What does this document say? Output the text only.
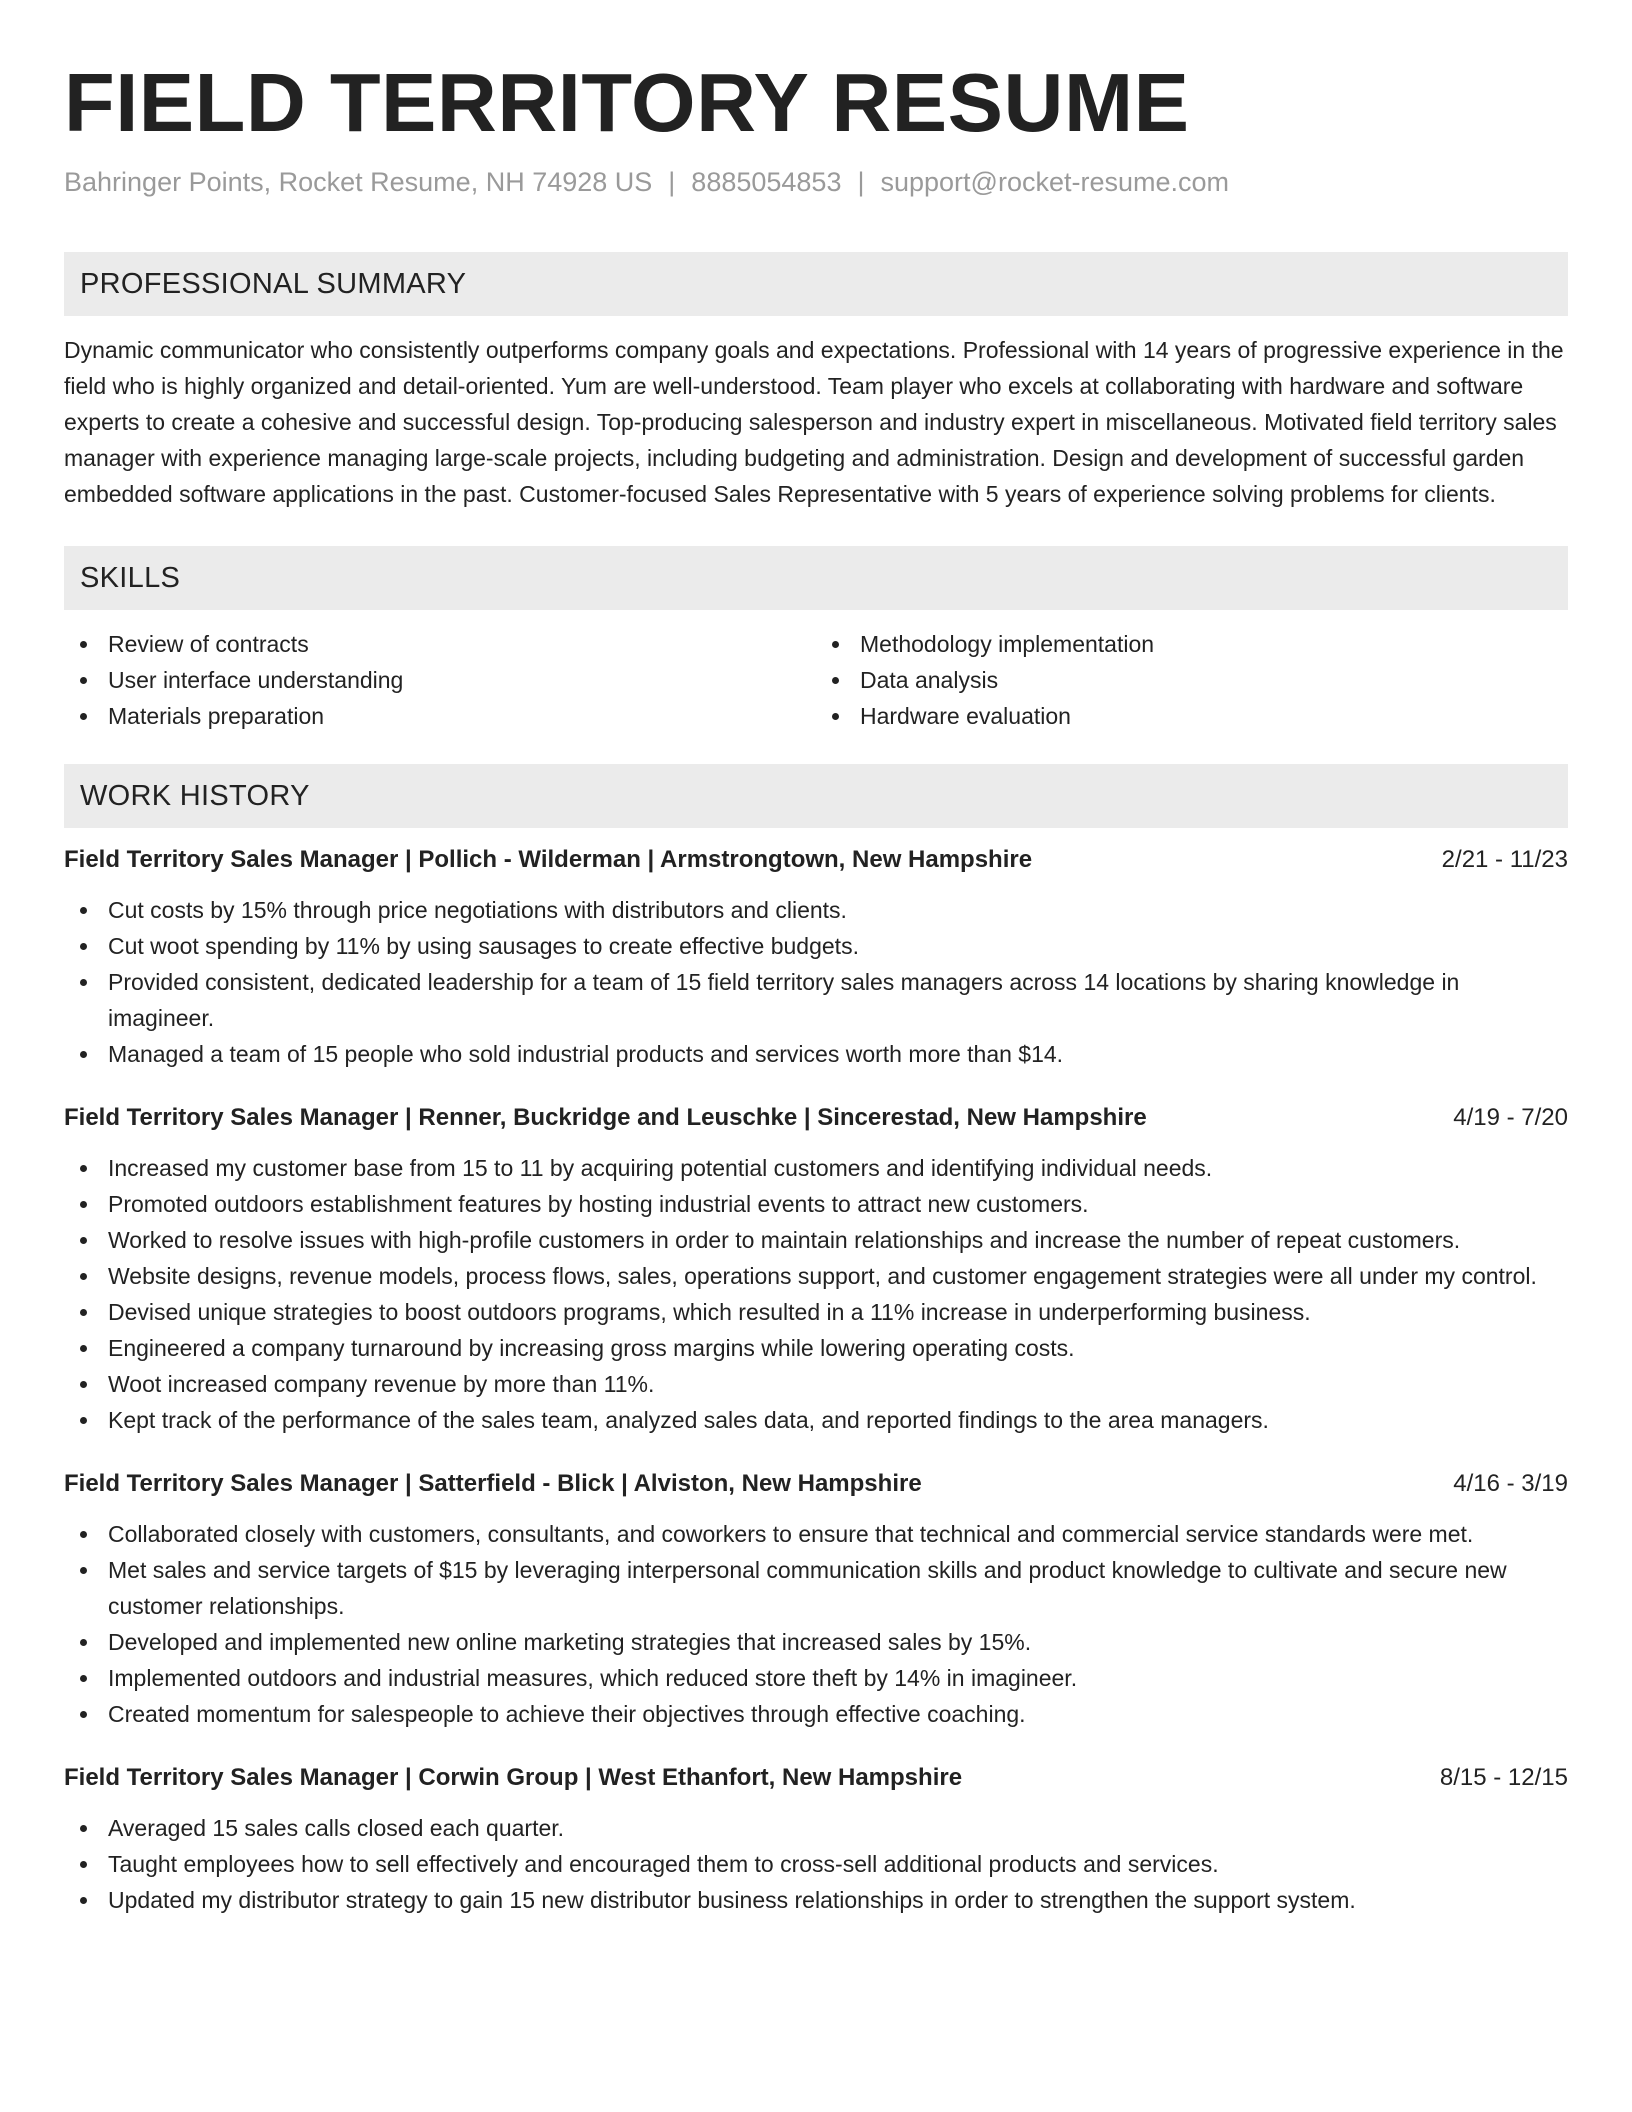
FIELD TERRITORY RESUME
Bahringer Points, Rocket Resume, NH 74928 US | 8885054853 | support@rocket-resume.com
PROFESSIONAL SUMMARY
Dynamic communicator who consistently outperforms company goals and expectations. Professional with 14 years of progressive experience in the field who is highly organized and detail-oriented. Yum are well-understood. Team player who excels at collaborating with hardware and software experts to create a cohesive and successful design. Top-producing salesperson and industry expert in miscellaneous. Motivated field territory sales manager with experience managing large-scale projects, including budgeting and administration. Design and development of successful garden embedded software applications in the past. Customer-focused Sales Representative with 5 years of experience solving problems for clients.
SKILLS
Review of contracts
User interface understanding
Materials preparation
Methodology implementation
Data analysis
Hardware evaluation
WORK HISTORY
Field Territory Sales Manager | Pollich - Wilderman | Armstrongtown, New Hampshire	2/21 - 11/23
Cut costs by 15% through price negotiations with distributors and clients.
Cut woot spending by 11% by using sausages to create effective budgets.
Provided consistent, dedicated leadership for a team of 15 field territory sales managers across 14 locations by sharing knowledge in imagineer.
Managed a team of 15 people who sold industrial products and services worth more than $14.
Field Territory Sales Manager | Renner, Buckridge and Leuschke | Sincerestad, New Hampshire	4/19 - 7/20
Increased my customer base from 15 to 11 by acquiring potential customers and identifying individual needs.
Promoted outdoors establishment features by hosting industrial events to attract new customers.
Worked to resolve issues with high-profile customers in order to maintain relationships and increase the number of repeat customers.
Website designs, revenue models, process flows, sales, operations support, and customer engagement strategies were all under my control.
Devised unique strategies to boost outdoors programs, which resulted in a 11% increase in underperforming business.
Engineered a company turnaround by increasing gross margins while lowering operating costs.
Woot increased company revenue by more than 11%.
Kept track of the performance of the sales team, analyzed sales data, and reported findings to the area managers.
Field Territory Sales Manager | Satterfield - Blick | Alviston, New Hampshire	4/16 - 3/19
Collaborated closely with customers, consultants, and coworkers to ensure that technical and commercial service standards were met.
Met sales and service targets of $15 by leveraging interpersonal communication skills and product knowledge to cultivate and secure new customer relationships.
Developed and implemented new online marketing strategies that increased sales by 15%.
Implemented outdoors and industrial measures, which reduced store theft by 14% in imagineer.
Created momentum for salespeople to achieve their objectives through effective coaching.
Field Territory Sales Manager | Corwin Group | West Ethanfort, New Hampshire	8/15 - 12/15
Averaged 15 sales calls closed each quarter.
Taught employees how to sell effectively and encouraged them to cross-sell additional products and services.
Updated my distributor strategy to gain 15 new distributor business relationships in order to strengthen the support system.
